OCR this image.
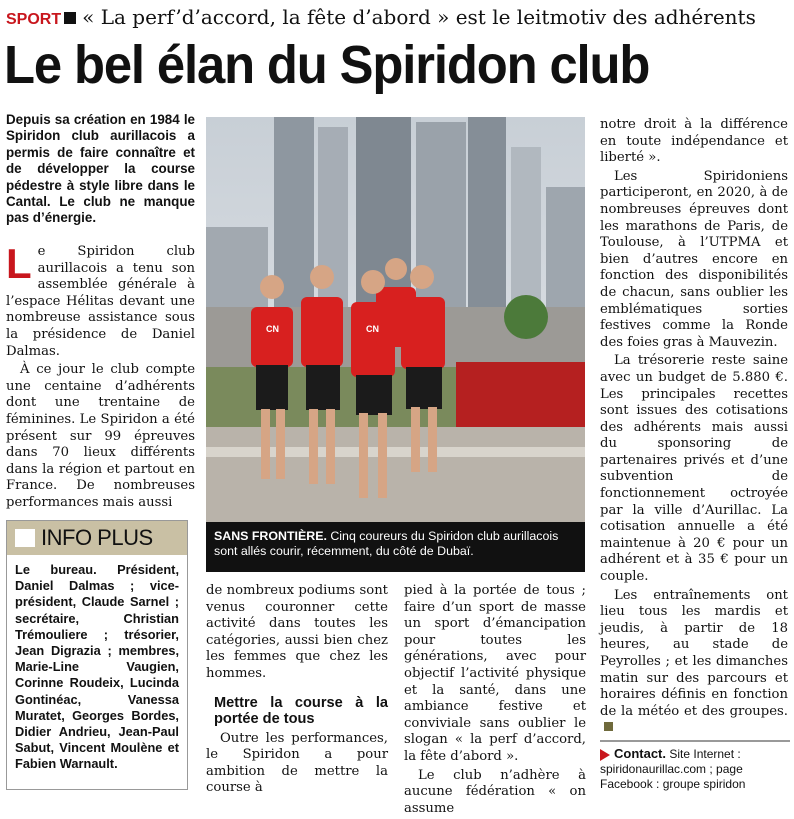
SPORT « La perf’d’accord, la fête d’abord » est le leitmotiv des adhérents
Le bel élan du Spiridon club
Depuis sa création en 1984 le Spiridon club aurillacois a permis de faire connaître et de développer la course pédestre à style libre dans le Cantal. Le club ne manque pas d’énergie.

Le Spiridon club aurillacois a tenu son assemblée générale à l’espace Hélitas devant une nombreuse assistance sous la présidence de Daniel Dalmas.

À ce jour le club compte une centaine d’adhérents dont une trentaine de féminines. Le Spiridon a été présent sur 99 épreuves dans 70 lieux différents dans la région et partout en France. De nombreuses performances mais aussi

CN	CN
SANS FRONTIÈRE. Cinq coureurs du Spiridon club aurillacois sont allés courir, récemment, du côté de Dubaï.
INFO PLUS
Le bureau. Président, Daniel Dalmas ; vice-président, Claude Sarnel ; secrétaire, Christian Trémouliere ; trésorier, Jean Digrazia ; membres, Marie-Line Vaugien, Corinne Roudeix, Lucinda Gontinéac, Vanessa Muratet, Georges Bordes, Didier Andrieu, Jean-Paul Sabut, Vincent Moulène et Fabien Warnault.

de nombreux podiums sont venus couronner cette activité dans toutes les catégories, aussi bien chez les femmes que chez les hommes.

Mettre la course à la portée de tous

Outre les performances, le Spiridon a pour ambition de mettre la course à

pied à la portée de tous ; faire d’un sport de masse un sport d’émancipation pour toutes les générations, avec pour objectif l’activité physique et la santé, dans une ambiance festive et conviviale sans oublier le slogan « la perf d’accord, la fête d’abord ».

Le club n’adhère à aucune fédération « on assume

notre droit à la différence en toute indépendance et liberté ».

Les Spiridoniens participeront, en 2020, à de nombreuses épreuves dont les marathons de Paris, de Toulouse, à l’UTPMA et bien d’autres encore en fonction des disponibilités de chacun, sans oublier les emblématiques sorties festives comme la Ronde des foies gras à Mauvezin.

La trésorerie reste saine avec un budget de 5.880 €. Les principales recettes sont issues des cotisations des adhérents mais aussi du sponsoring de partenaires privés et d’une subvention de fonctionnement octroyée par la ville d’Aurillac. La cotisation annuelle a été maintenue à 20 € pour un adhérent et à 35 € pour un couple.

Les entraînements ont lieu tous les mardis et jeudis, à partir de 18 heures, au stade de Peyrolles ; et les dimanches matin sur des parcours et horaires définis en fonction de la météo et des groupes.

Contact. Site Internet : spiridonaurillac.com ; page Facebook : groupe spiridon
